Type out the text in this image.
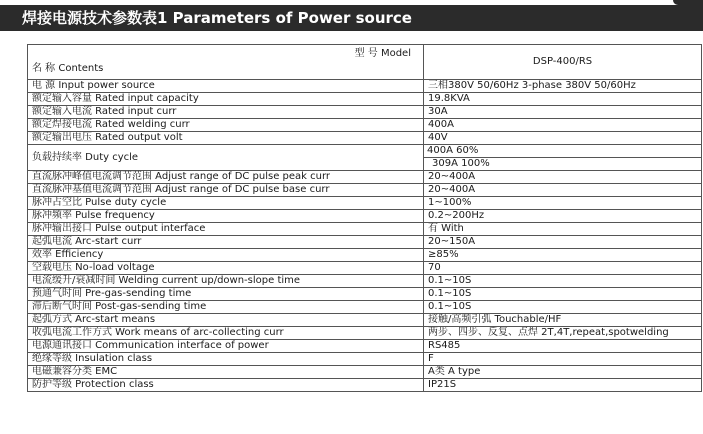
焊接电源技术参数表1 Parameters of Power source
型 号 Model
名 称 Contents	DSP-400/RS

电 源 Input power source	三相380V 50/60Hz 3-phase 380V 50/60Hz
额定输入容量 Rated input capacity	19.8KVA
额定输入电流 Rated input curr	30A
额定焊接电流 Rated welding curr	400A
额定输出电压 Rated output volt	40V
负载持续率 Duty cycle	400A 60%
309A 100%

直流脉冲峰值电流调节范围 Adjust range of DC pulse peak curr	20~400A
直流脉冲基值电流调节范围 Adjust range of DC pulse base curr	20~400A
脉冲占空比 Pulse duty cycle	1~100%
脉冲频率 Pulse frequency	0.2~200Hz
脉冲输出接口 Pulse output interface	有 With
起弧电流 Arc-start curr	20~150A
效率 Efficiency	≥85%
空载电压 No-load voltage	70
电流缓升/衰减时间 Welding current up/down-slope time	0.1~10S
预通气时间 Pre-gas-sending time	0.1~10S
滞后断气时间 Post-gas-sending time	0.1~10S
起弧方式 Arc-start means	接触/高频引弧 Touchable/HF
收弧电流工作方式 Work means of arc-collecting curr	两步、四步、反复、点焊 2T,4T,repeat,spotwelding
电源通讯接口 Communication interface of power	RS485
绝缘等级 Insulation class	F
电磁兼容分类 EMC	A类 A type
防护等级 Protection class	IP21S
